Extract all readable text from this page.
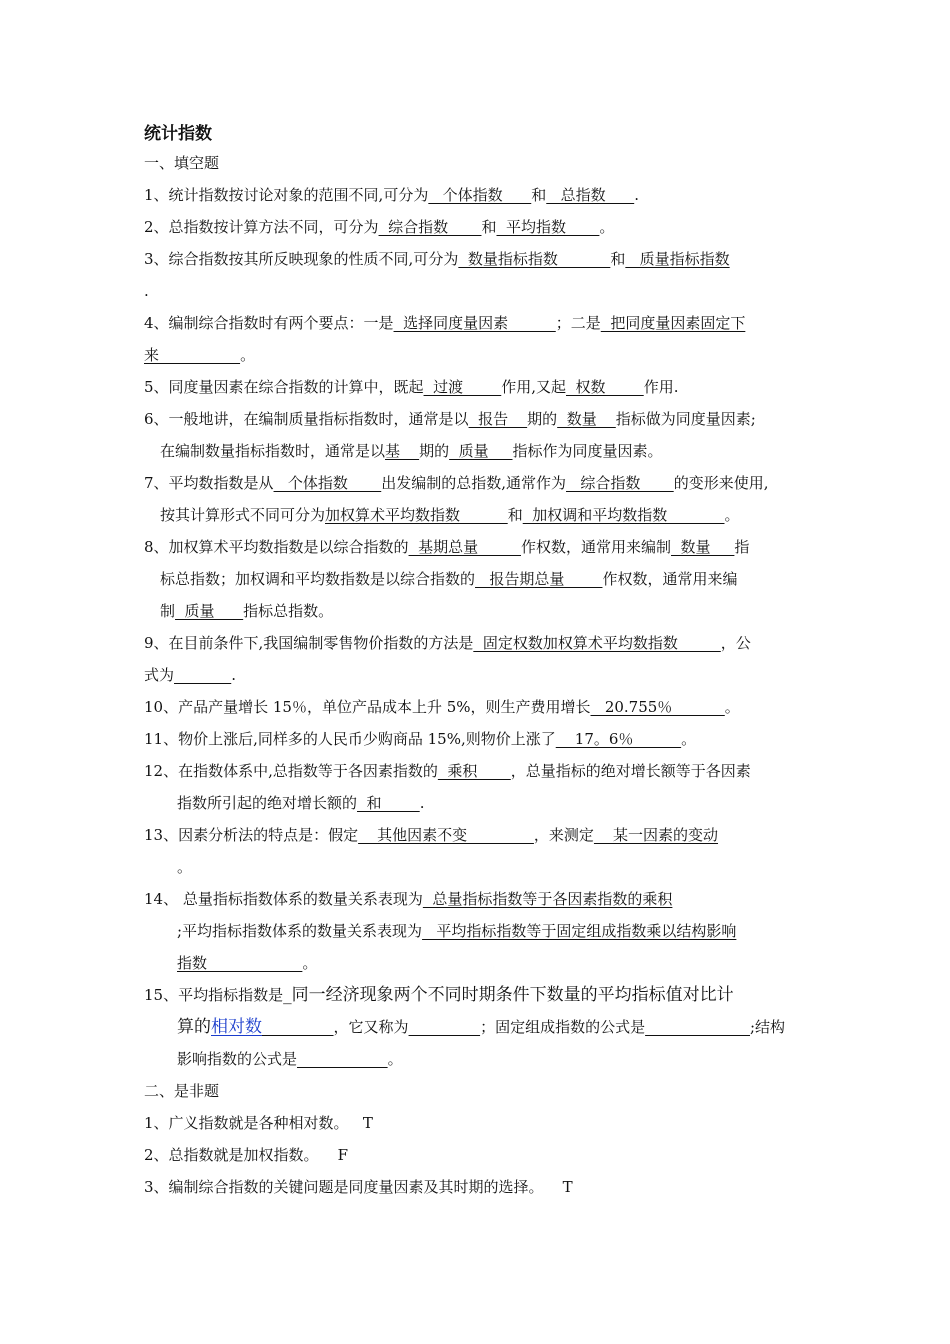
统计指数
一、填空题
1、统计指数按讨论对象的范围不同,可分为   个体指数      和   总指数      .
2、总指数按计算方法不同，可分为  综合指数       和  平均指数       。
3、综合指数按其所反映现象的性质不同,可分为  数量指标指数           和   质量指标指数
.
4、编制综合指数时有两个要点：一是  选择同度量因素          ；二是  把同度量因素固定下
来                 。
5、同度量因素在综合指数的计算中，既起  过渡        作用,又起  权数        作用.
6、一般地讲，在编制质量指标指数时，通常是以  报告    期的  数量    指标做为同度量因素;
在编制数量指标指数时，通常是以基    期的  质量     指标作为同度量因素。
7、平均数指数是从   个体指数       出发编制的总指数,通常作为   综合指数       的变形来使用,
按其计算形式不同可分为加权算术平均数指数          和  加权调和平均数指数            。
8、加权算术平均数指数是以综合指数的  基期总量         作权数，通常用来编制  数量     指
标总指数；加权调和平均数指数是以综合指数的   报告期总量        作权数，通常用来编
制  质量      指标总指数。
9、在目前条件下,我国编制零售物价指数的方法是  固定权数加权算术平均数指数         ，公
式为	.
10、产品产量增长 15％，单位产品成本上升 5%，则生产费用增长   20.755％           。
11、物价上涨后,同样多的人民币少购商品 15%,则物价上涨了    17。6％          。
12、在指数体系中,总指数等于各因素指数的  乘积       ，总量指标的绝对增长额等于各因素
指数所引起的绝对增长额的  和        .
13、因素分析法的特点是：假定    其他因素不变              ，来测定    某一因素的变动
。
14、 总量指标指数体系的数量关系表现为  总量指标指数等于各因素指数的乘积
;平均指标指数体系的数量关系表现为   平均指标指数等于固定组成指数乘以结构影响
指数                    。
15、平均指标指数是_同一经济现象两个不同时期条件下数量的平均指标值对比计
算的相对数	，它又称为	；固定组成指数的公式是	;结构
影响指数的公式是	。
二、是非题
1、广义指数就是各种相对数。   T
2、总指数就是加权指数。    F
3、编制综合指数的关键问题是同度量因素及其时期的选择。    T
